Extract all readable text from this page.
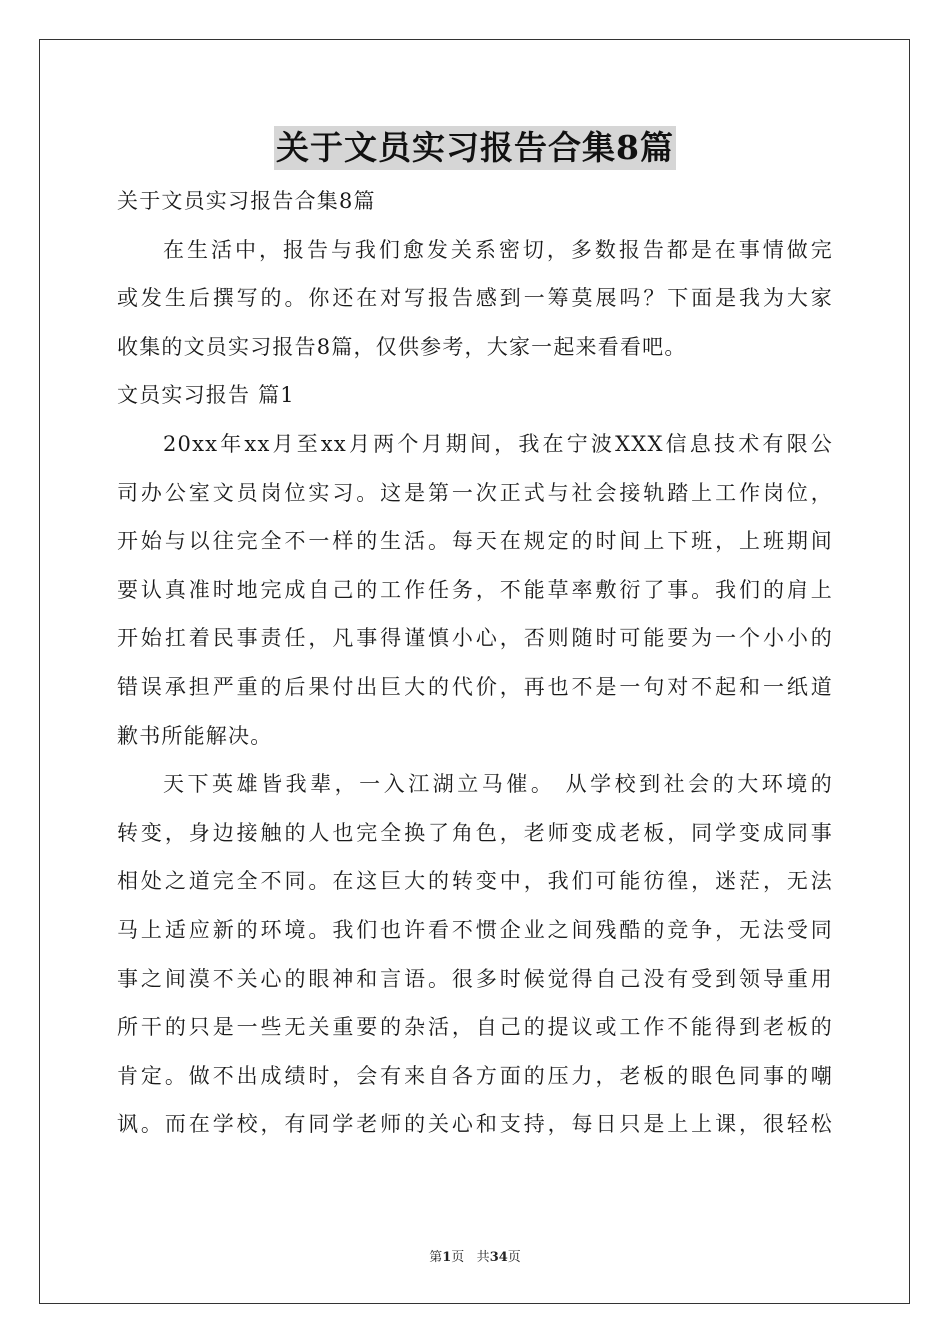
关于文员实习报告合集8篇
关于文员实习报告合集8篇
在生活中，报告与我们愈发关系密切，多数报告都是在事情做完
或发生后撰写的。你还在对写报告感到一筹莫展吗？下面是我为大家
收集的文员实习报告8篇，仅供参考，大家一起来看看吧。
文员实习报告 篇1
20xx年xx月至xx月两个月期间，我在宁波XXX信息技术有限公
司办公室文员岗位实习。这是第一次正式与社会接轨踏上工作岗位，
开始与以往完全不一样的生活。每天在规定的时间上下班，上班期间
要认真准时地完成自己的工作任务，不能草率敷衍了事。我们的肩上
开始扛着民事责任，凡事得谨慎小心，否则随时可能要为一个小小的
错误承担严重的后果付出巨大的代价，再也不是一句对不起和一纸道
歉书所能解决。
天下英雄皆我辈，一入江湖立马催。 从学校到社会的大环境的
转变，身边接触的人也完全换了角色，老师变成老板，同学变成同事
相处之道完全不同。在这巨大的转变中，我们可能彷徨，迷茫，无法
马上适应新的环境。我们也许看不惯企业之间残酷的竞争，无法受同
事之间漠不关心的眼神和言语。很多时候觉得自己没有受到领导重用
所干的只是一些无关重要的杂活，自己的提议或工作不能得到老板的
肯定。做不出成绩时，会有来自各方面的压力，老板的眼色同事的嘲
讽。而在学校，有同学老师的关心和支持，每日只是上上课，很轻松
第1页 共34页
